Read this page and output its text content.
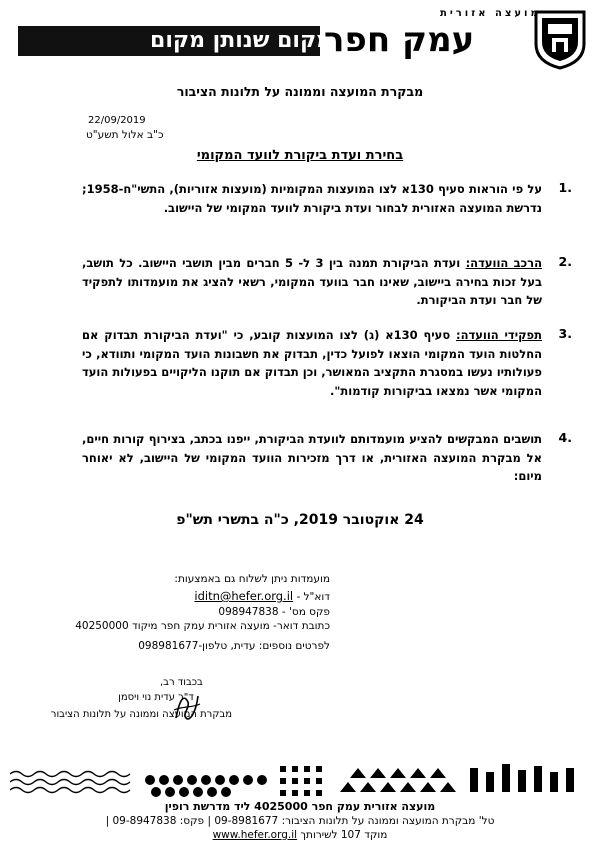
מועצה אזורית
מקום שנותן מקום
עמק חפר
מבקרת המועצה וממונה על תלונות הציבור
22/09/2019
כ"ב אלול תשע"ט
בחירת ועדת ביקורת לוועד המקומי
.1
על פי הוראות סעיף 130א לצו המועצות המקומיות (מועצות אזוריות), התשי"ח-1958; נדרשת המועצה האזורית לבחור ועדת ביקורת לוועד המקומי של היישוב.
.2
הרכב הוועדה: ועדת הביקורת תמנה בין 3 ל- 5 חברים מבין תושבי היישוב. כל תושב, בעל זכות בחירה ביישוב, שאינו חבר בוועד המקומי, רשאי להציג את מועמדותו לתפקיד של חבר ועדת הביקורת.
.3
תפקידי הוועדה: סעיף 130א (ג) לצו המועצות קובע, כי "ועדת הביקורת תבדוק אם החלטות הועד המקומי הוצאו לפועל כדין, תבדוק את חשבונות הועד המקומי ותוודא, כי פעולותיו נעשו במסגרת התקציב המאושר, וכן תבדוק אם תוקנו הליקויים בפעולות הועד המקומי אשר נמצאו בביקורות קודמות".
.4
תושבים המבקשים להציע מועמדותם לוועדת הביקורת, ייפנו בכתב, בצירוף קורות חיים, אל מבקרת המועצה האזורית, או דרך מזכירות הוועד המקומי של היישוב, לא יאוחר מיום:
24 אוקטובר 2019, כ"ה בתשרי תש"פ
מועמדות ניתן לשלוח גם באמצעות:
דוא"ל - iditn@hefer.org.il
פקס מס' - 098947838
כתובת דואר- מועצה אזורית עמק חפר מיקוד 40250000
לפרטים נוספים: עדית, טלפון-098981677
בכבוד רב,
ד"ר עדית נוי ויסמן
מבקרת המועצה וממונה על תלונות הציבור
מועצה אזורית עמק חפר 4025000 ליד מדרשת רופין
טל' מבקרת המועצה וממונה על תלונות הציבור: 09-8981677 | פקס: 09-8947838 |
מוקד 107 לשירותך www.hefer.org.il
